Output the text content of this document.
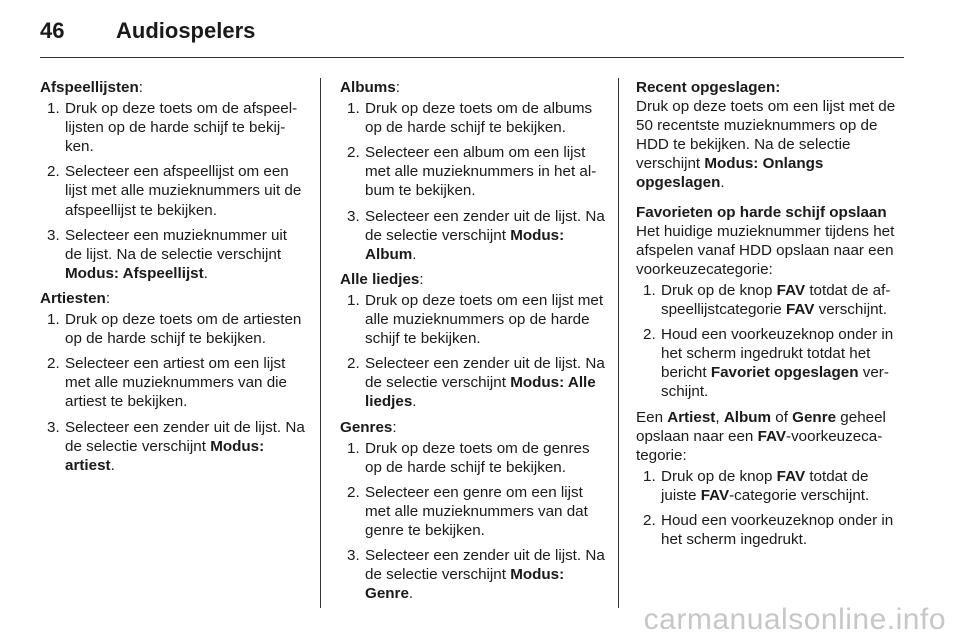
46 Audiospelers
Afspeellijsten:
1. Druk op deze toets om de afspeellijsten op de harde schijf te bekijken.
2. Selecteer een afspeellijst om een lijst met alle muzieknummers uit de afspeellijst te bekijken.
3. Selecteer een muzieknummer uit de lijst. Na de selectie verschijnt Modus: Afspeellijst.
Artiesten:
1. Druk op deze toets om de artiesten op de harde schijf te bekijken.
2. Selecteer een artiest om een lijst met alle muzieknummers van die artiest te bekijken.
3. Selecteer een zender uit de lijst. Na de selectie verschijnt Modus: artiest.
Albums:
1. Druk op deze toets om de albums op de harde schijf te bekijken.
2. Selecteer een album om een lijst met alle muzieknummers in het album te bekijken.
3. Selecteer een zender uit de lijst. Na de selectie verschijnt Modus: Album.
Alle liedjes:
1. Druk op deze toets om een lijst met alle muzieknummers op de harde schijf te bekijken.
2. Selecteer een zender uit de lijst. Na de selectie verschijnt Modus: Alle liedjes.
Genres:
1. Druk op deze toets om de genres op de harde schijf te bekijken.
2. Selecteer een genre om een lijst met alle muzieknummers van dat genre te bekijken.
3. Selecteer een zender uit de lijst. Na de selectie verschijnt Modus: Genre.
Recent opgeslagen:
Druk op deze toets om een lijst met de 50 recentste muzieknummers op de HDD te bekijken. Na de selectie verschijnt Modus: Onlangs opgeslagen.
Favorieten op harde schijf opslaan
Het huidige muzieknummer tijdens het afspelen vanaf HDD opslaan naar een voorkeuzecategorie:
1. Druk op de knop FAV totdat de afspeellijstcategorie FAV verschijnt.
2. Houd een voorkeuzeknop onder in het scherm ingedrukt totdat het bericht Favoriet opgeslagen verschijnt.
Een Artiest, Album of Genre geheel opslaan naar een FAV-voorkeuzecategorie:
1. Druk op de knop FAV totdat de juiste FAV-categorie verschijnt.
2. Houd een voorkeuzeknop onder in het scherm ingedrukt.
carmanualsonline.info
